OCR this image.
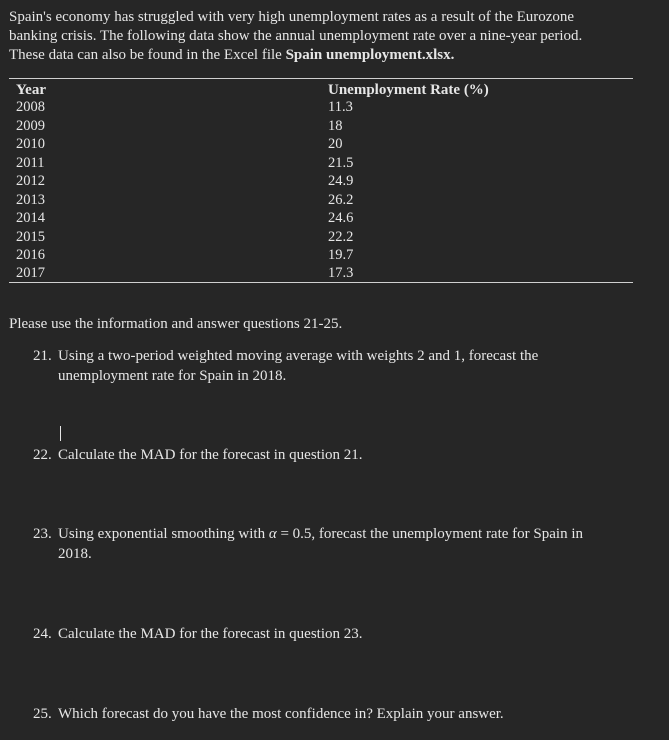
Spain's economy has struggled with very high unemployment rates as a result of the Eurozone
banking crisis. The following data show the annual unemployment rate over a nine-year period.
These data can also be found in the Excel file Spain unemployment.xlsx.
Year	Unemployment Rate (%)
2008	11.3
2009	18
2010	20
2011	21.5
2012	24.9
2013	26.2
2014	24.6
2015	22.2
2016	19.7
2017	17.3
Please use the information and answer questions 21-25.
21. Using a two-period weighted moving average with weights 2 and 1, forecast the
unemployment rate for Spain in 2018.
22. Calculate the MAD for the forecast in question 21.
23. Using exponential smoothing with α = 0.5, forecast the unemployment rate for Spain in
2018.
24. Calculate the MAD for the forecast in question 23.
25. Which forecast do you have the most confidence in? Explain your answer.
